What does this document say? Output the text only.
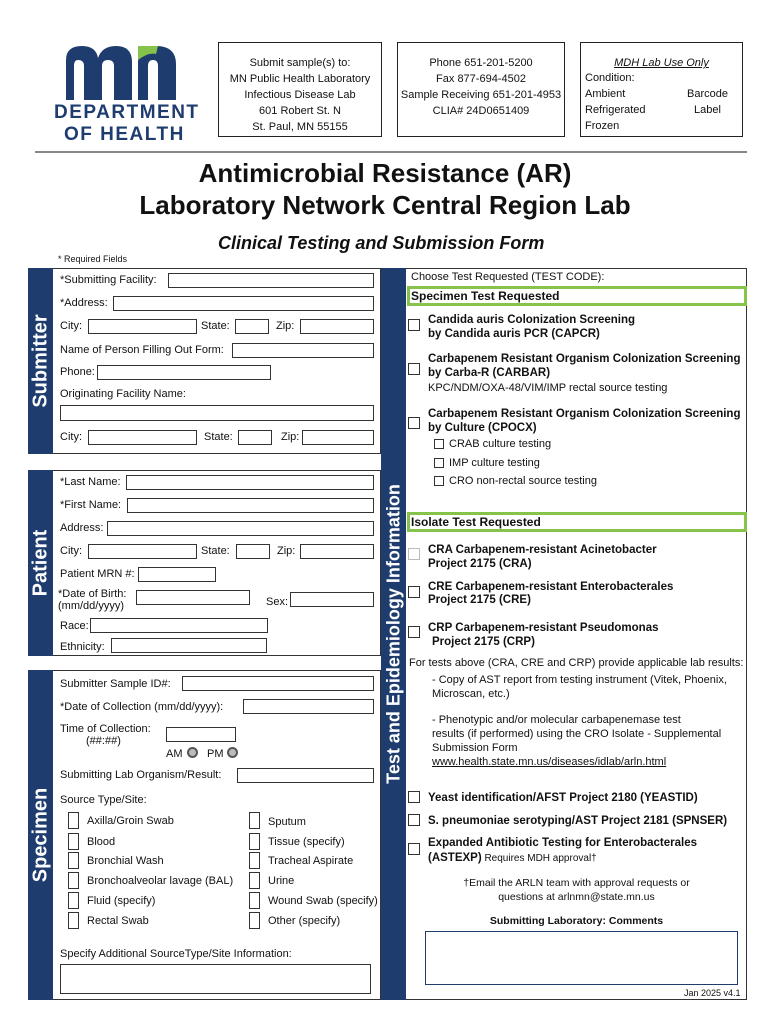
DEPARTMENT
OF HEALTH
Submit sample(s) to:
MN Public Health Laboratory
Infectious Disease Lab
601 Robert St. N
St. Paul, MN 55155
Phone 651-201-5200
Fax 877-694-4502
Sample Receiving 651-201-4953
CLIA# 24D0651409
MDH Lab Use Only
Condition:
Ambient
Refrigerated
Frozen
Barcode
Label
Antimicrobial Resistance (AR)
Laboratory Network Central Region Lab
Clinical Testing and Submission Form
* Required Fields
Submitter
Patient
Specimen
Test and Epidemiology Information
*Submitting Facility:
*Address:
City:	State:	Zip:
Name of Person Filling Out Form:
Phone:
Originating Facility Name:
City:	State:	Zip:
*Last Name:
*First Name:
Address:
City:	State:	Zip:
Patient MRN #:
*Date of Birth:
(mm/dd/yyyy)	Sex:
Race:
Ethnicity:
Submitter Sample ID#:
*Date of Collection (mm/dd/yyyy):
Time of Collection:
(##:##)
AM PM
Submitting Lab Organism/Result:
Source Type/Site:
Axilla/Groin Swab
Blood
Bronchial Wash
Bronchoalveolar lavage (BAL)
Fluid (specify)
Rectal Swab
Sputum
Tissue (specify)
Tracheal Aspirate
Urine
Wound Swab (specify)
Other (specify)
Specify Additional SourceType/Site Information:
Choose Test Requested (TEST CODE):
Specimen Test Requested
Candida auris Colonization Screening
by Candida auris PCR (CAPCR)
Carbapenem Resistant Organism Colonization Screening
by Carba-R (CARBAR)
KPC/NDM/OXA-48/VIM/IMP rectal source testing
Carbapenem Resistant Organism Colonization Screening
by Culture (CPOCX)
CRAB culture testing
IMP culture testing
CRO non-rectal source testing
Isolate Test Requested
CRA Carbapenem-resistant Acinetobacter
Project 2175 (CRA)
CRE Carbapenem-resistant Enterobacterales
Project 2175 (CRE)
CRP Carbapenem-resistant Pseudomonas
Project 2175 (CRP)
For tests above (CRA, CRE and CRP) provide applicable lab results:
- Copy of AST report from testing instrument (Vitek, Phoenix,
Microscan, etc.)
- Phenotypic and/or molecular carbapenemase test
results (if performed) using the CRO Isolate - Supplemental
Submission Form
www.health.state.mn.us/diseases/idlab/arln.html
Yeast identification/AFST Project 2180 (YEASTID)
S. pneumoniae serotyping/AST Project 2181 (SPNSER)
Expanded Antibiotic Testing for Enterobacterales
(ASTEXP) Requires MDH approval†
†Email the ARLN team with approval requests or
questions at arlnmn@state.mn.us
Submitting Laboratory: Comments
Jan 2025 v4.1
